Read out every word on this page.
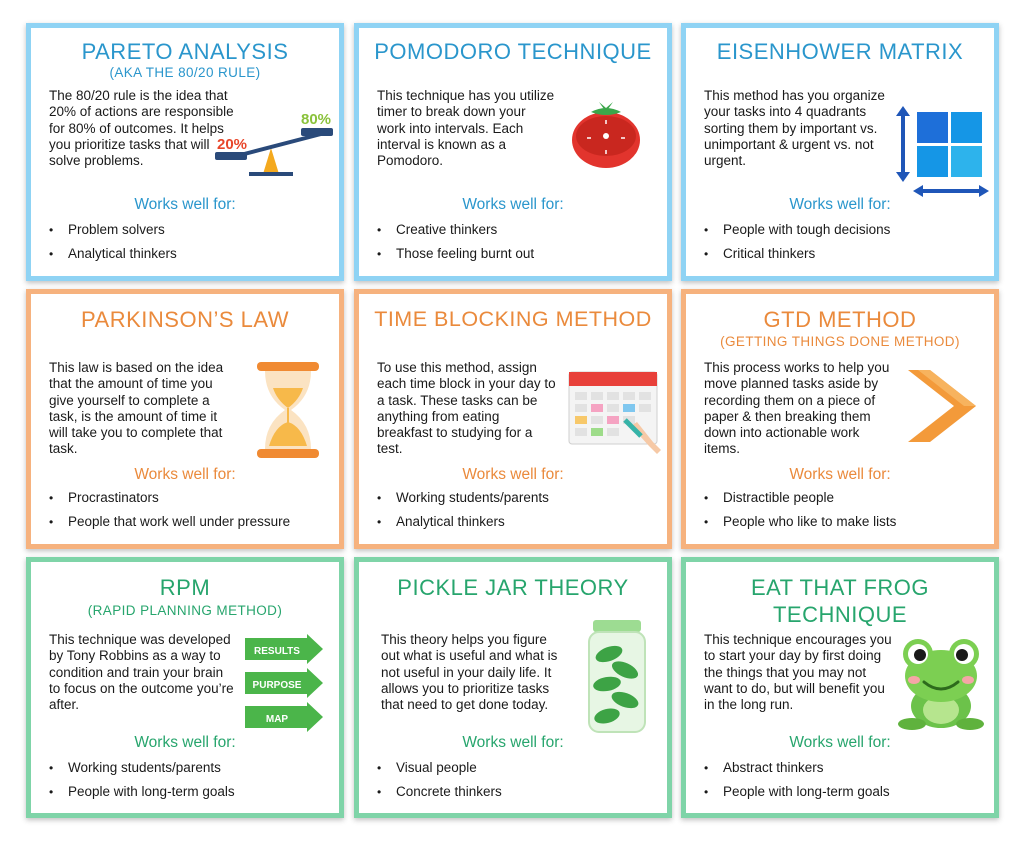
PARETO ANALYSIS
(AKA THE 80/20 RULE)

The 80/20 rule is the idea that 20% of actions are responsible for 80% of outcomes. It helps you prioritize tasks that will solve problems.

20%
80%
Works well for:
• Problem solvers
• Analytical thinkers
POMODORO TECHNIQUE

This technique has you utilize timer to break down your work into intervals. Each interval is known as a Pomodoro.

Works well for:
• Creative thinkers
• Those feeling burnt out
EISENHOWER MATRIX

This method has you organize your tasks into 4 quadrants sorting them by important vs. unimportant & urgent vs. not urgent.

Works well for:
• People with tough decisions
• Critical thinkers
PARKINSON’S LAW

This law is based on the idea that the amount of time you give yourself to complete a task, is the amount of time it will take you to complete that task.

Works well for:
• Procrastinators
• People that work well under pressure
TIME BLOCKING METHOD

To use this method, assign each time block in your day to a task. These tasks can be anything from eating breakfast to studying for a test.

Works well for:
• Working students/parents
• Analytical thinkers
GTD METHOD
(GETTING THINGS DONE METHOD)

This process works to help you move planned tasks aside by recording them on a piece of paper & then breaking them down into actionable work items.

Works well for:
• Distractible people
• People who like to make lists
RPM
(RAPID PLANNING METHOD)

This technique was developed by Tony Robbins as a way to condition and train your brain to focus on the outcome you’re after.

RESULTS
PURPOSE
MAP
Works well for:
• Working students/parents
• People with long-term goals
PICKLE JAR THEORY

This theory helps you figure out what is useful and what is not useful in your daily life. It allows you to prioritize tasks that need to get done today.

Works well for:
• Visual people
• Concrete thinkers
EAT THAT FROG
TECHNIQUE

This technique encourages you to start your day by first doing the things that you may not want to do, but will benefit you in the long run.

Works well for:
• Abstract thinkers
• People with long-term goals
